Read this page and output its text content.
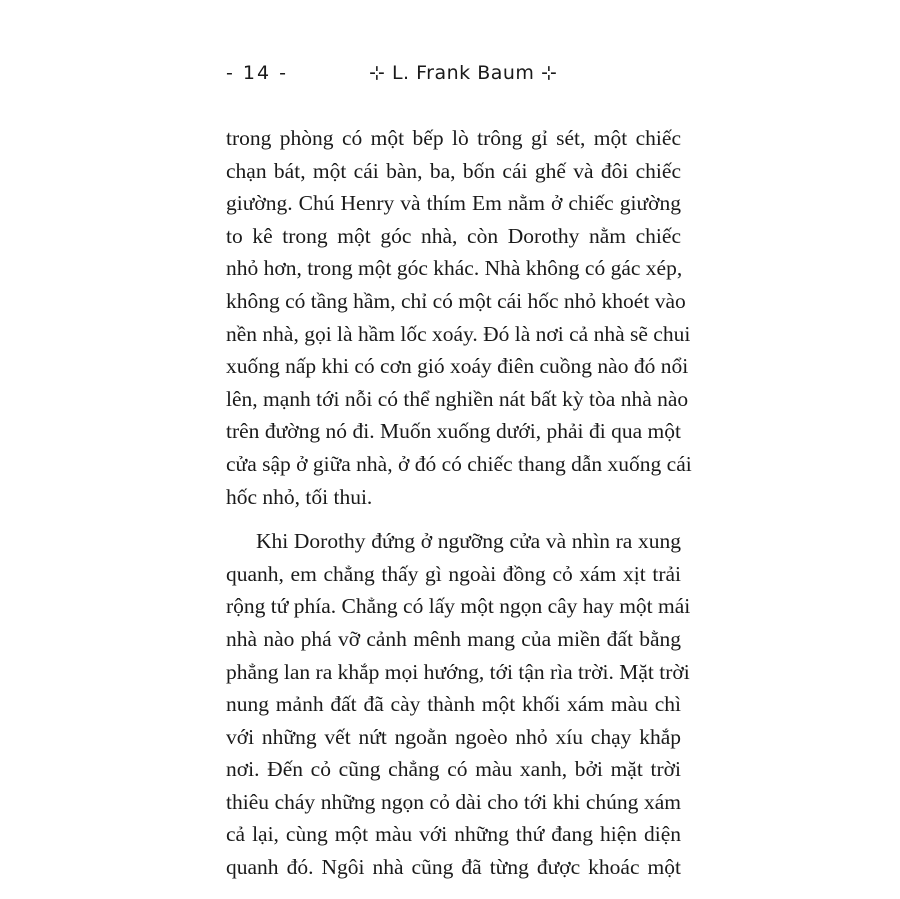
- 14 -	⊹ L. Frank Baum ⊹

trong phòng có một bếp lò trông gỉ sét, một chiếc
chạn bát, một cái bàn, ba, bốn cái ghế và đôi chiếc
giường. Chú Henry và thím Em nằm ở chiếc giường
to kê trong một góc nhà, còn Dorothy nằm chiếc
nhỏ hơn, trong một góc khác. Nhà không có gác xép,
không có tầng hầm, chỉ có một cái hốc nhỏ khoét vào
nền nhà, gọi là hầm lốc xoáy. Đó là nơi cả nhà sẽ chui
xuống nấp khi có cơn gió xoáy điên cuồng nào đó nổi
lên, mạnh tới nỗi có thể nghiền nát bất kỳ tòa nhà nào
trên đường nó đi. Muốn xuống dưới, phải đi qua một
cửa sập ở giữa nhà, ở đó có chiếc thang dẫn xuống cái
hốc nhỏ, tối thui.

Khi Dorothy đứng ở ngưỡng cửa và nhìn ra xung
quanh, em chẳng thấy gì ngoài đồng cỏ xám xịt trải
rộng tứ phía. Chẳng có lấy một ngọn cây hay một mái
nhà nào phá vỡ cảnh mênh mang của miền đất bằng
phẳng lan ra khắp mọi hướng, tới tận rìa trời. Mặt trời
nung mảnh đất đã cày thành một khối xám màu chì
với những vết nứt ngoằn ngoèo nhỏ xíu chạy khắp
nơi. Đến cỏ cũng chẳng có màu xanh, bởi mặt trời
thiêu cháy những ngọn cỏ dài cho tới khi chúng xám
cả lại, cùng một màu với những thứ đang hiện diện
quanh đó. Ngôi nhà cũng đã từng được khoác một
